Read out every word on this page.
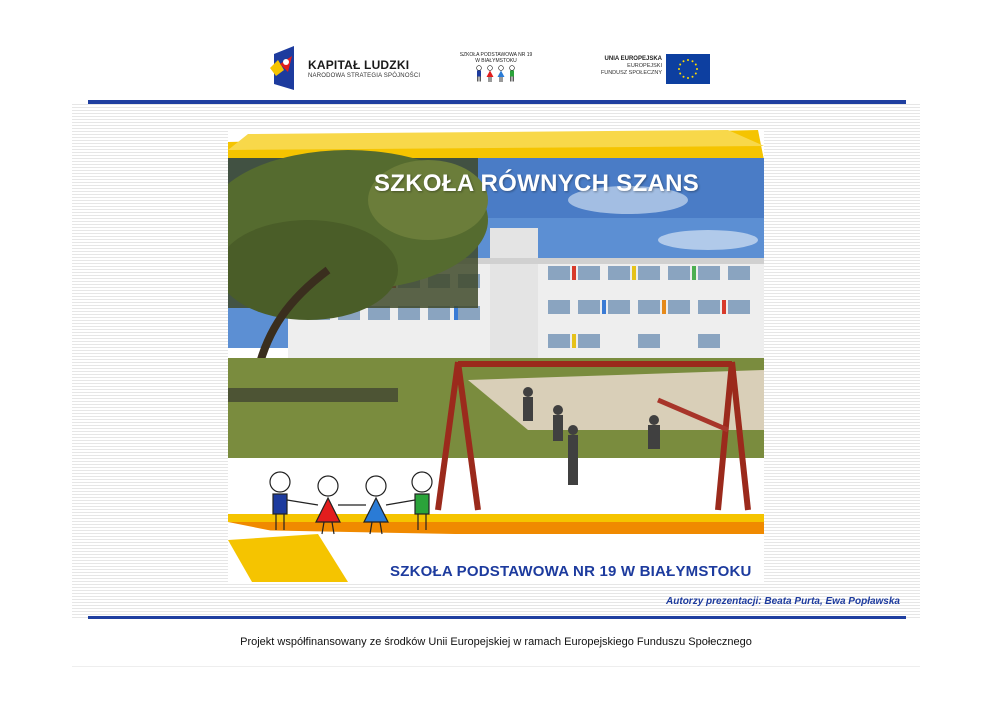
KAPITAŁ LUDZKI
NARODOWA STRATEGIA SPÓJNOŚCI
SZKOŁA PODSTAWOWA NR 19
W BIAŁYMSTOKU	UNIA EUROPEJSKA
EUROPEJSKI
FUNDUSZ SPOŁECZNY
SZKOŁA RÓWNYCH SZANS
SZKOŁA PODSTAWOWA NR 19 W BIAŁYMSTOKU
Autorzy prezentacji: Beata Purta, Ewa Popławska
Projekt współfinansowany ze środków Unii Europejskiej w ramach Europejskiego Funduszu Społecznego
